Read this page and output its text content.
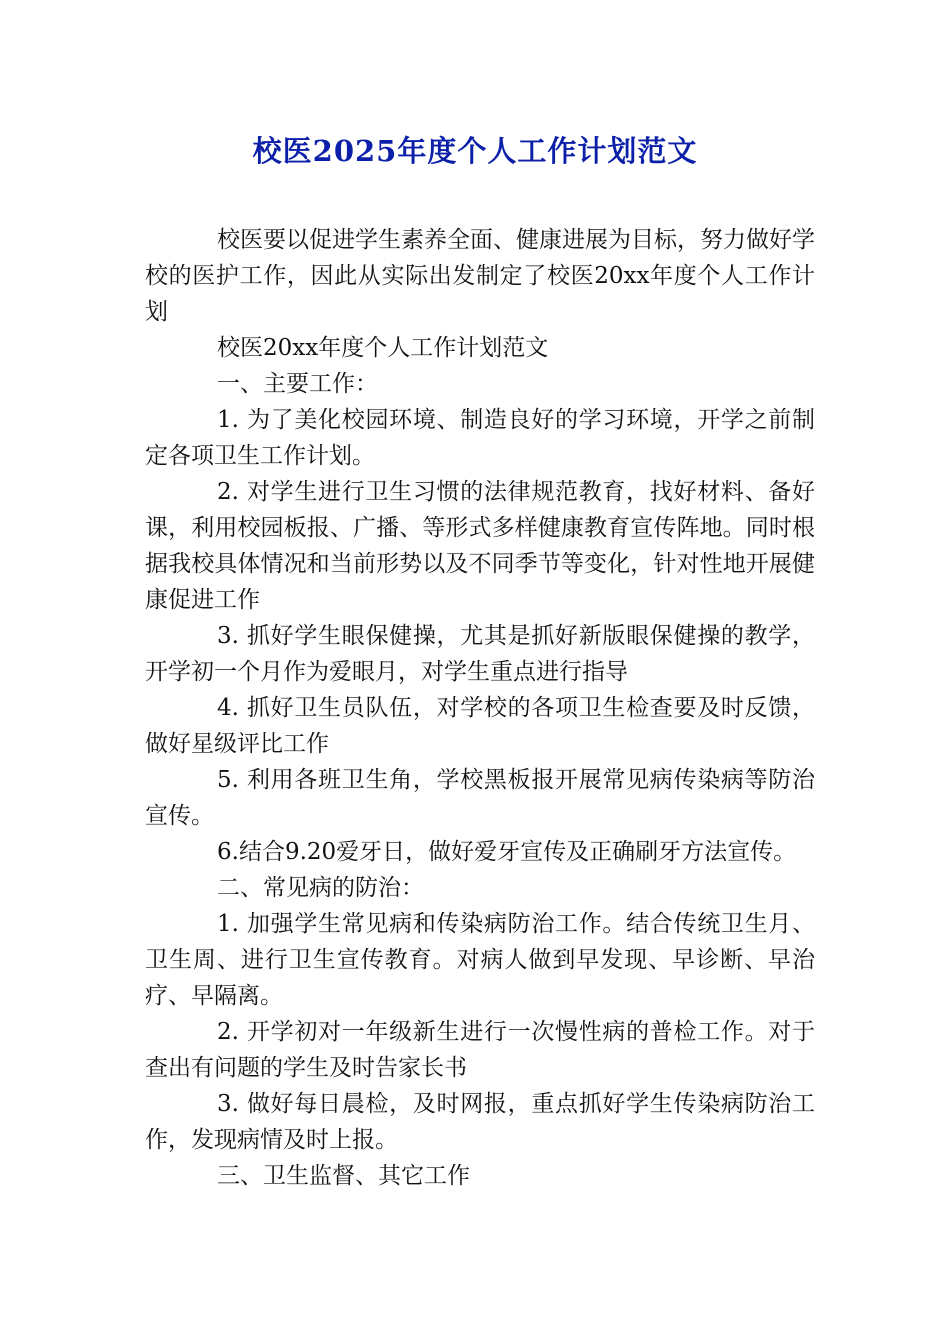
校医2025年度个人工作计划范文

校医要以促进学生素养全面、健康进展为目标，努力做好学校的医护工作，因此从实际出发制定了校医20xx年度个人工作计划

校医20xx年度个人工作计划范文

一、主要工作：

1. 为了美化校园环境、制造良好的学习环境，开学之前制定各项卫生工作计划。

2. 对学生进行卫生习惯的法律规范教育，找好材料、备好课，利用校园板报、广播、等形式多样健康教育宣传阵地。同时根据我校具体情况和当前形势以及不同季节等变化，针对性地开展健康促进工作

3. 抓好学生眼保健操，尤其是抓好新版眼保健操的教学，开学初一个月作为爱眼月，对学生重点进行指导

4. 抓好卫生员队伍，对学校的各项卫生检查要及时反馈，做好星级评比工作

5. 利用各班卫生角，学校黑板报开展常见病传染病等防治宣传。

6.结合9.20爱牙日，做好爱牙宣传及正确刷牙方法宣传。

二、常见病的防治：

1. 加强学生常见病和传染病防治工作。结合传统卫生月、卫生周、进行卫生宣传教育。对病人做到早发现、早诊断、早治疗、早隔离。

2. 开学初对一年级新生进行一次慢性病的普检工作。对于查出有问题的学生及时告家长书

3. 做好每日晨检，及时网报，重点抓好学生传染病防治工作，发现病情及时上报。

三、卫生监督、其它工作
